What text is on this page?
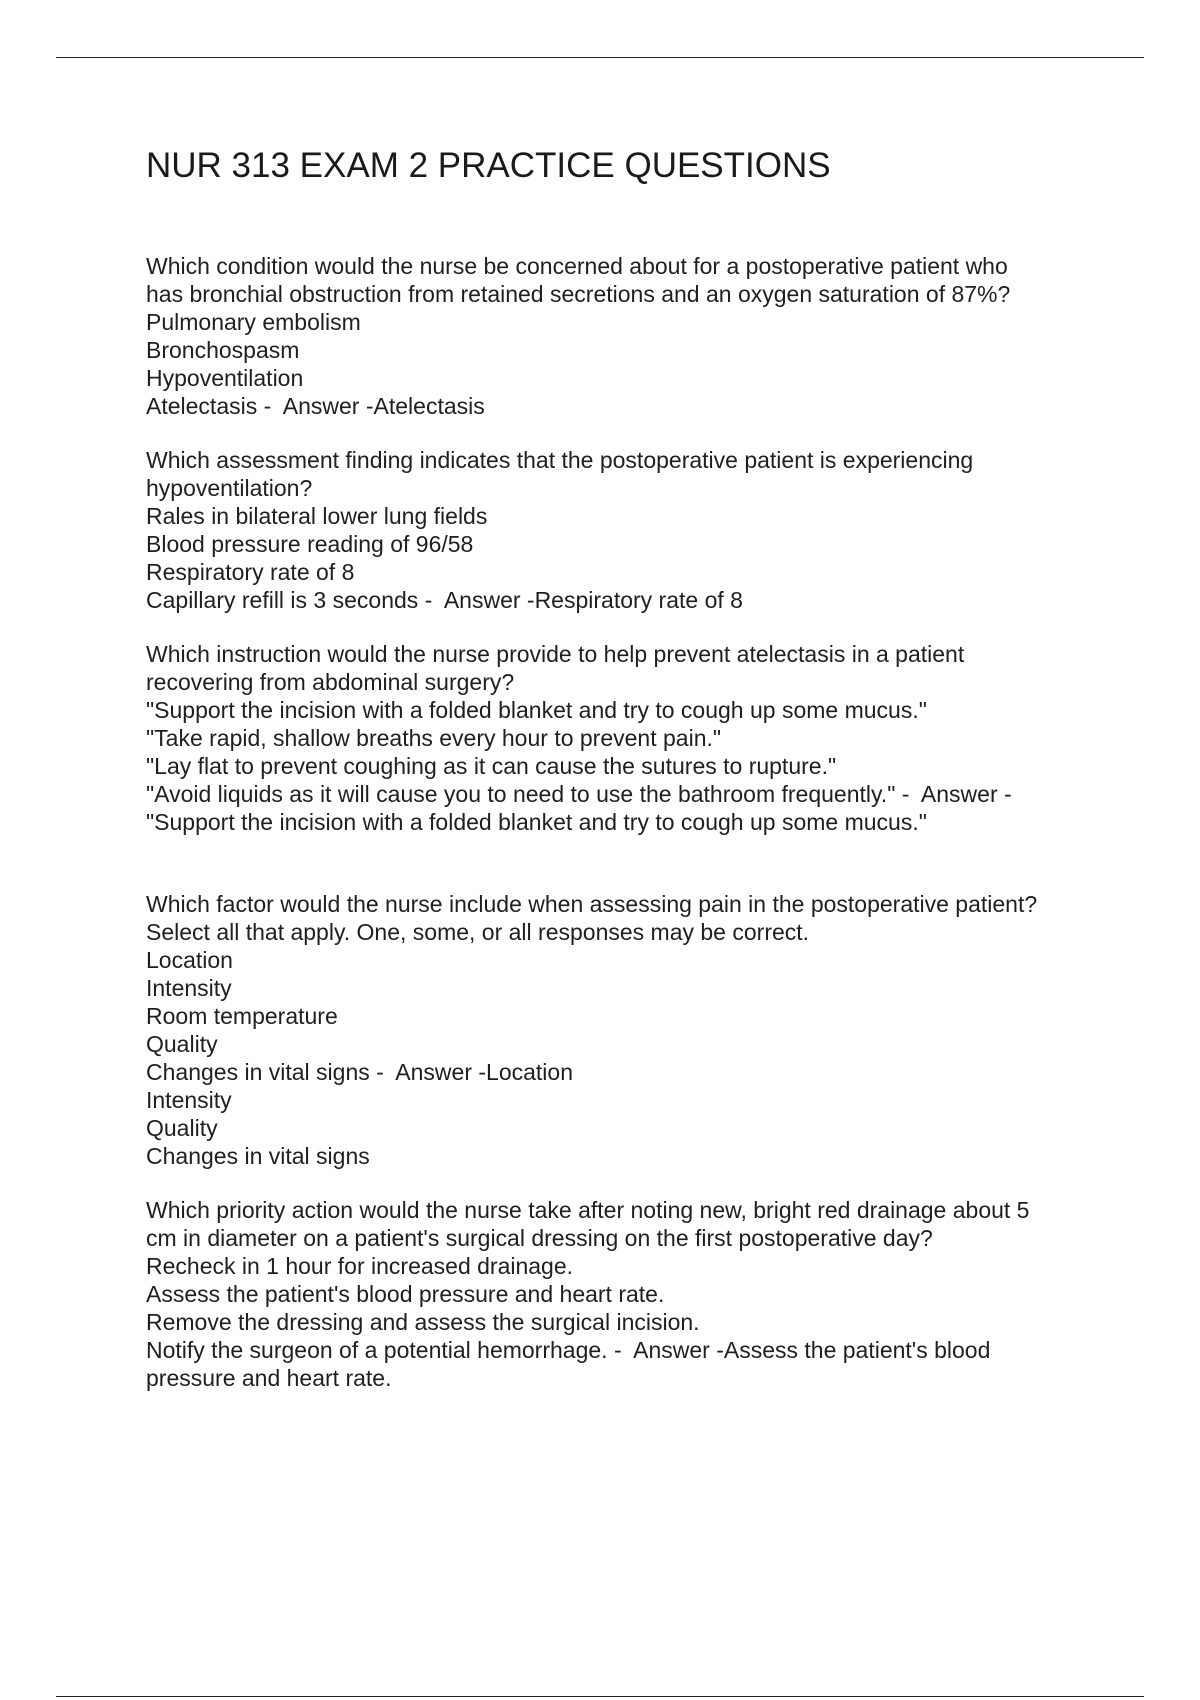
NUR 313 EXAM 2 PRACTICE QUESTIONS
Which condition would the nurse be concerned about for a postoperative patient who
has bronchial obstruction from retained secretions and an oxygen saturation of 87%?
Pulmonary embolism
Bronchospasm
Hypoventilation
Atelectasis -  Answer -Atelectasis
Which assessment finding indicates that the postoperative patient is experiencing
hypoventilation?
Rales in bilateral lower lung fields
Blood pressure reading of 96/58
Respiratory rate of 8
Capillary refill is 3 seconds -  Answer -Respiratory rate of 8
Which instruction would the nurse provide to help prevent atelectasis in a patient
recovering from abdominal surgery?
"Support the incision with a folded blanket and try to cough up some mucus."
"Take rapid, shallow breaths every hour to prevent pain."
"Lay flat to prevent coughing as it can cause the sutures to rupture."
"Avoid liquids as it will cause you to need to use the bathroom frequently." -  Answer -
"Support the incision with a folded blanket and try to cough up some mucus."
Which factor would the nurse include when assessing pain in the postoperative patient?
Select all that apply. One, some, or all responses may be correct.
Location
Intensity
Room temperature
Quality
Changes in vital signs -  Answer -Location
Intensity
Quality
Changes in vital signs
Which priority action would the nurse take after noting new, bright red drainage about 5
cm in diameter on a patient's surgical dressing on the first postoperative day?
Recheck in 1 hour for increased drainage.
Assess the patient's blood pressure and heart rate.
Remove the dressing and assess the surgical incision.
Notify the surgeon of a potential hemorrhage. -  Answer -Assess the patient's blood
pressure and heart rate.
